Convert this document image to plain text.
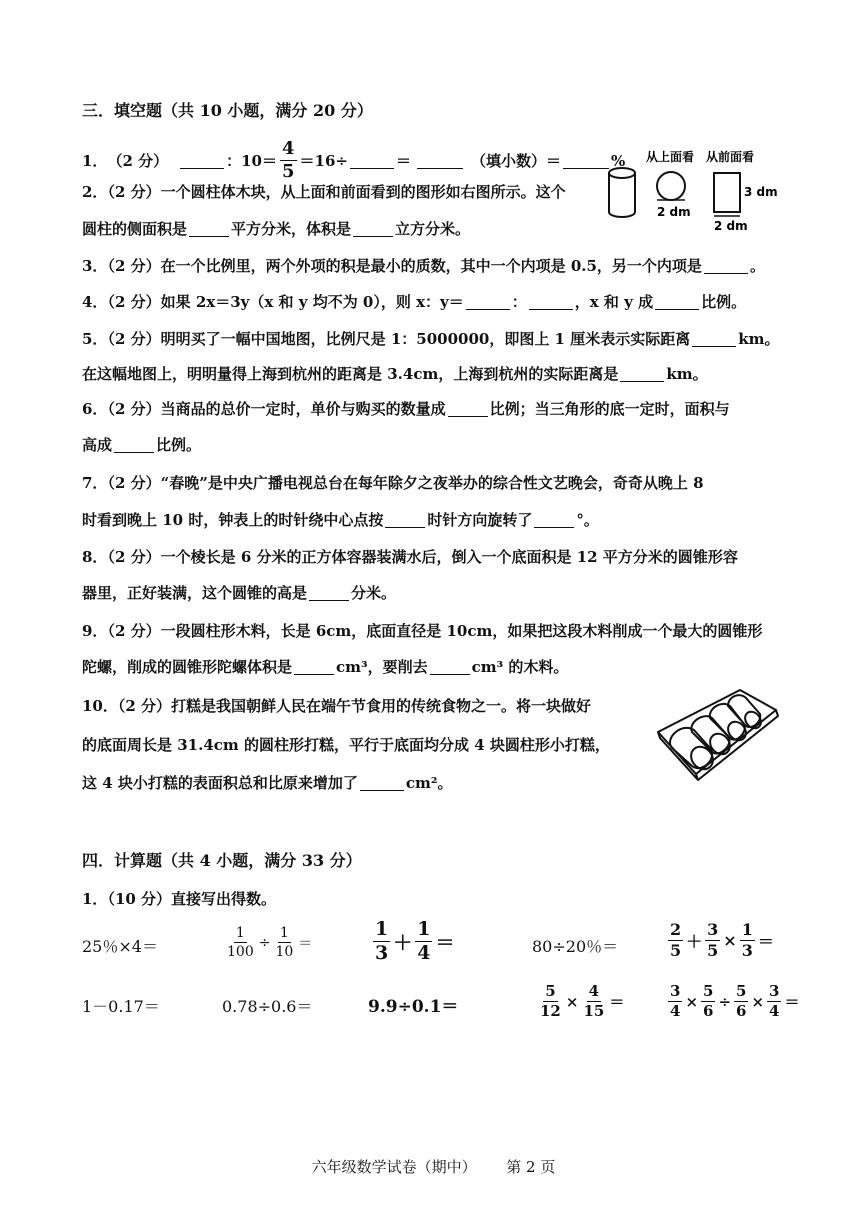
三．填空题（共 10 小题，满分 20 分）
1． （2 分）	：$10= \frac{4}{5} =16\div$	＝	（填小数）＝	%
2．（2 分）一个圆柱体木块，从上面和前面看到的图形如右图所示。这个
圆柱的侧面积是	平方分米，体积是	立方分米。
从上面看
2 dm
从前面看
3 dm
2 dm
3．（2 分）在一个比例里，两个外项的积是最小的质数，其中一个内项是 0.5，另一个内项是	。
4．（2 分）如果 2x＝3y（x 和 y 均不为 0），则 x：y＝	：	，x 和 y 成	比例。
5．（2 分）明明买了一幅中国地图，比例尺是 1：5000000，即图上 1 厘米表示实际距离	km。
在这幅地图上，明明量得上海到杭州的距离是 3.4cm，上海到杭州的实际距离是	km。
6．（2 分）当商品的总价一定时，单价与购买的数量成	比例；当三角形的底一定时，面积与
高成	比例。
7．（2 分）“春晚”是中央广播电视总台在每年除夕之夜举办的综合性文艺晚会，奇奇从晚上 8
时看到晚上 10 时，钟表上的时针绕中心点按	时针方向旋转了	°。
8．（2 分）一个棱长是 6 分米的正方体容器装满水后，倒入一个底面积是 12 平方分米的圆锥形容
器里，正好装满，这个圆锥的高是	分米。
9．（2 分）一段圆柱形木料，长是 6cm，底面直径是 10cm，如果把这段木料削成一个最大的圆锥形
陀螺，削成的圆锥形陀螺体积是	cm³，要削去	cm³ 的木料。
10．（2 分）打糕是我国朝鲜人民在端午节食用的传统食物之一。将一块做好
的底面周长是 31.4cm 的圆柱形打糕，平行于底面均分成 4 块圆柱形小打糕，
这 4 块小打糕的表面积总和比原来增加了	cm²。
四．计算题（共 4 小题，满分 33 分）
1．（10 分）直接写出得数。
25％×4＝	$\frac{1}{100} \div \frac{1}{10}$ ＝	$\frac{1}{3} + \frac{1}{4}$ ＝	80÷20％＝	$\frac{2}{5} + \frac{3}{5} \times \frac{1}{3}$ ＝
1－0.17＝	0.78÷0.6＝	9.9÷0.1＝	$\frac{5}{12} \times \frac{4}{15}$ ＝	$\frac{3}{4} \times \frac{5}{6} \div \frac{5}{6} \times \frac{3}{4}$ ＝
六年级数学试卷（期中） 第 2 页
